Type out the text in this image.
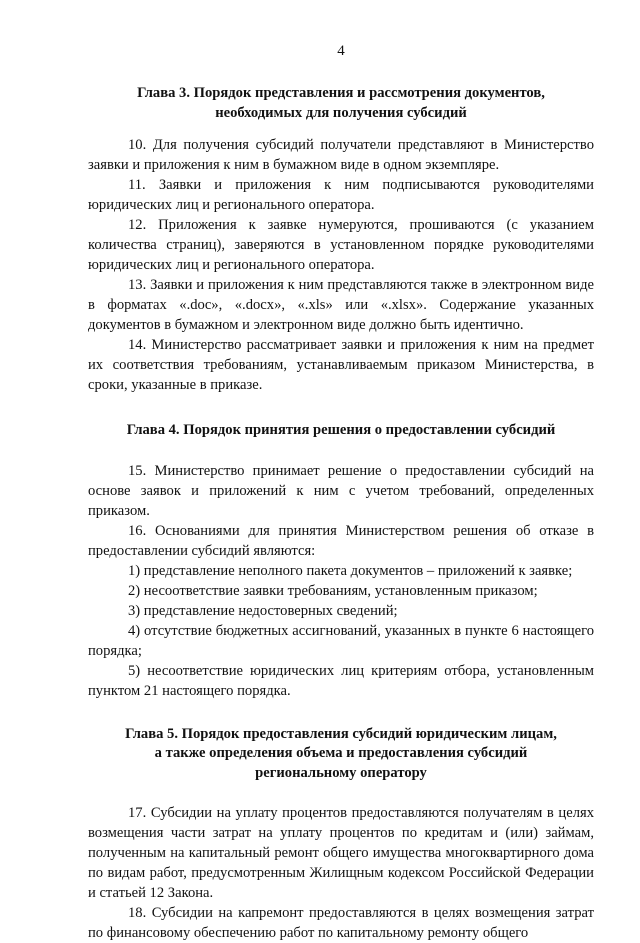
4
Глава 3. Порядок представления и рассмотрения документов,
необходимых для получения субсидий
10. Для получения субсидий получатели представляют в Министерство заявки и приложения к ним в бумажном виде в одном экземпляре.
11. Заявки и приложения к ним подписываются руководителями юридических лиц и регионального оператора.
12. Приложения к заявке нумеруются, прошиваются (с указанием количества страниц), заверяются в установленном порядке руководителями юридических лиц и регионального оператора.
13. Заявки и приложения к ним представляются также в электронном виде в форматах «.doc», «.docx», «.xls» или «.xlsx». Содержание указанных документов в бумажном и электронном виде должно быть идентично.
14. Министерство рассматривает заявки и приложения к ним на предмет их соответствия требованиям, устанавливаемым приказом Министерства, в сроки, указанные в приказе.
Глава 4. Порядок принятия решения о предоставлении субсидий
15. Министерство принимает решение о предоставлении субсидий на основе заявок и приложений к ним с учетом требований, определенных приказом.
16. Основаниями для принятия Министерством решения об отказе в предоставлении субсидий являются:
1) представление неполного пакета документов – приложений к заявке;
2) несоответствие заявки требованиям, установленным приказом;
3) представление недостоверных сведений;
4) отсутствие бюджетных ассигнований, указанных в пункте 6 настоящего порядка;
5) несоответствие юридических лиц критериям отбора, установленным пунктом 21 настоящего порядка.
Глава 5. Порядок предоставления субсидий юридическим лицам,
а также определения объема и предоставления субсидий
региональному оператору
17. Субсидии на уплату процентов предоставляются получателям в целях возмещения части затрат на уплату процентов по кредитам и (или) займам, полученным на капитальный ремонт общего имущества многоквартирного дома по видам работ, предусмотренным Жилищным кодексом Российской Федерации и статьей 12 Закона.
18. Субсидии на капремонт предоставляются в целях возмещения затрат по финансовому обеспечению работ по капитальному ремонту общего
